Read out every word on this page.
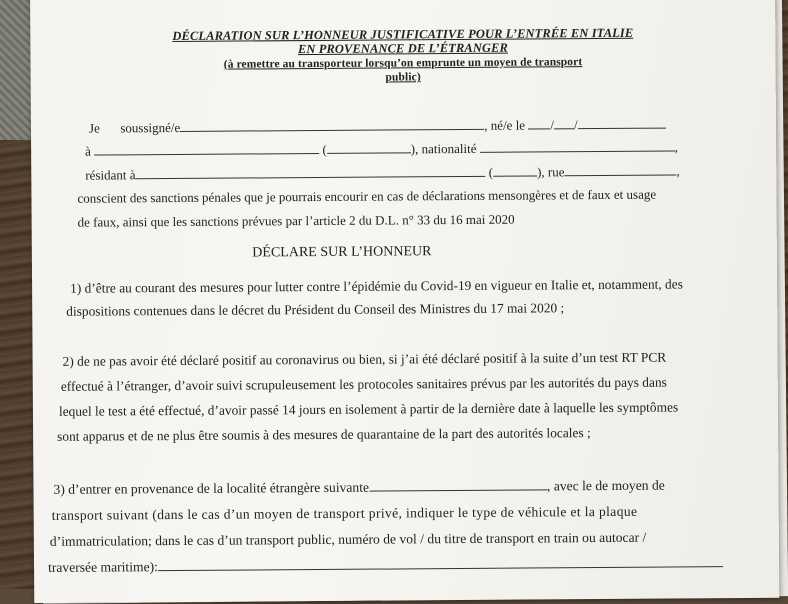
DÉCLARATION SUR L’HONNEUR JUSTIFICATIVE POUR L’ENTRÉE EN ITALIE
EN PROVENANCE DE L’ÉTRANGER
(à remettre au transporteur lorsqu’on emprunte un moyen de transport
public)
Je soussigné/e	, né/e le / /
à	(	), nationalité	,
résidant à	(	), rue	,
conscient des sanctions pénales que je pourrais encourir en cas de déclarations mensongères et de faux et usage
de faux, ainsi que les sanctions prévues par l’article 2 du D.L. n° 33 du 16 mai 2020
DÉCLARE SUR L’HONNEUR
1) d’être au courant des mesures pour lutter contre l’épidémie du Covid-19 en vigueur en Italie et, notamment, des
dispositions contenues dans le décret du Président du Conseil des Ministres du 17 mai 2020 ;
2) de ne pas avoir été déclaré positif au coronavirus ou bien, si j’ai été déclaré positif à la suite d’un test RT PCR
effectué à l’étranger, d’avoir suivi scrupuleusement les protocoles sanitaires prévus par les autorités du pays dans
lequel le test a été effectué, d’avoir passé 14 jours en isolement à partir de la dernière date à laquelle les symptômes
sont apparus et de ne plus être soumis à des mesures de quarantaine de la part des autorités locales ;
3) d’entrer en provenance de la localité étrangère suivante	, avec le de moyen de
transport suivant (dans le cas d’un moyen de transport privé, indiquer le type de véhicule et la plaque
d’immatriculation; dans le cas d’un transport public, numéro de vol / du titre de transport en train ou autocar /
traversée maritime):
